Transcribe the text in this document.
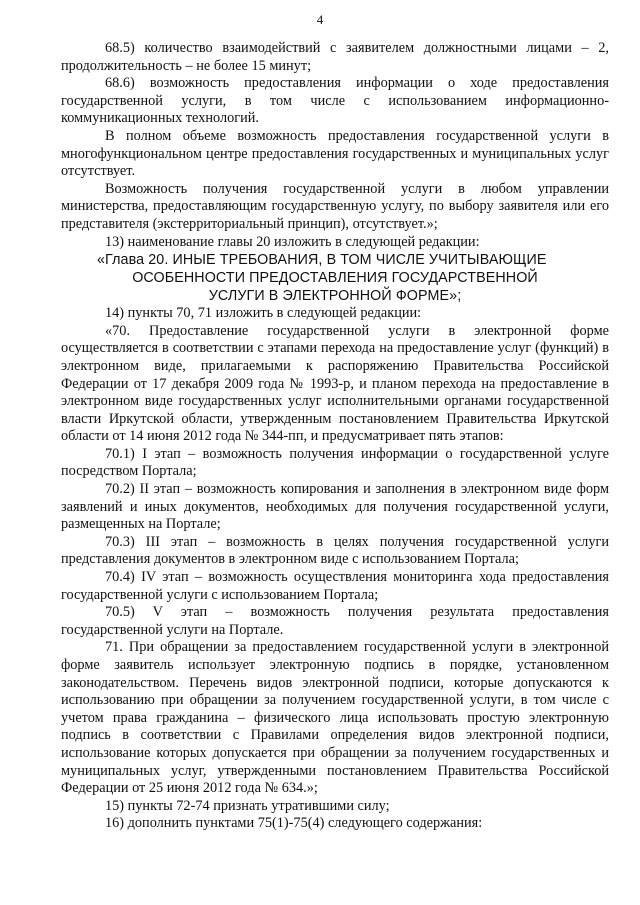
4

68.5) количество взаимодействий с заявителем должностными лицами – 2, продолжительность – не более 15 минут;

68.6) возможность предоставления информации о ходе предоставления государственной услуги, в том числе с использованием информационно-коммуникационных технологий.

В полном объеме возможность предоставления государственной услуги в многофункциональном центре предоставления государственных и муниципальных услуг отсутствует.

Возможность получения государственной услуги в любом управлении министерства, предоставляющим государственную услугу, по выбору заявителя или его представителя (экстерриториальный принцип), отсутствует.»;

13) наименование главы 20 изложить в следующей редакции:

«Глава 20. ИНЫЕ ТРЕБОВАНИЯ, В ТОМ ЧИСЛЕ УЧИТЫВАЮЩИЕ
ОСОБЕННОСТИ ПРЕДОСТАВЛЕНИЯ ГОСУДАРСТВЕННОЙ
УСЛУГИ В ЭЛЕКТРОННОЙ ФОРМЕ»;

14) пункты 70, 71 изложить в следующей редакции:

«70. Предоставление государственной услуги в электронной форме осуществляется в соответствии с этапами перехода на предоставление услуг (функций) в электронном виде, прилагаемыми к распоряжению Правительства Российской Федерации от 17 декабря 2009 года № 1993-р, и планом перехода на предоставление в электронном виде государственных услуг исполнительными органами государственной власти Иркутской области, утвержденным постановлением Правительства Иркутской области от 14 июня 2012 года № 344-пп, и предусматривает пять этапов:

70.1) I этап – возможность получения информации о государственной услуге посредством Портала;

70.2) II этап – возможность копирования и заполнения в электронном виде форм заявлений и иных документов, необходимых для получения государственной услуги, размещенных на Портале;

70.3) III этап – возможность в целях получения государственной услуги представления документов в электронном виде с использованием Портала;

70.4) IV этап – возможность осуществления мониторинга хода предоставления государственной услуги с использованием Портала;

70.5) V этап – возможность получения результата предоставления государственной услуги на Портале.

71. При обращении за предоставлением государственной услуги в электронной форме заявитель использует электронную подпись в порядке, установленном законодательством. Перечень видов электронной подписи, которые допускаются к использованию при обращении за получением государственной услуги, в том числе с учетом права гражданина – физического лица использовать простую электронную подпись в соответствии с Правилами определения видов электронной подписи, использование которых допускается при обращении за получением государственных и муниципальных услуг, утвержденными постановлением Правительства Российской Федерации от 25 июня 2012 года № 634.»;

15) пункты 72-74 признать утратившими силу;

16) дополнить пунктами 75(1)-75(4) следующего содержания:
